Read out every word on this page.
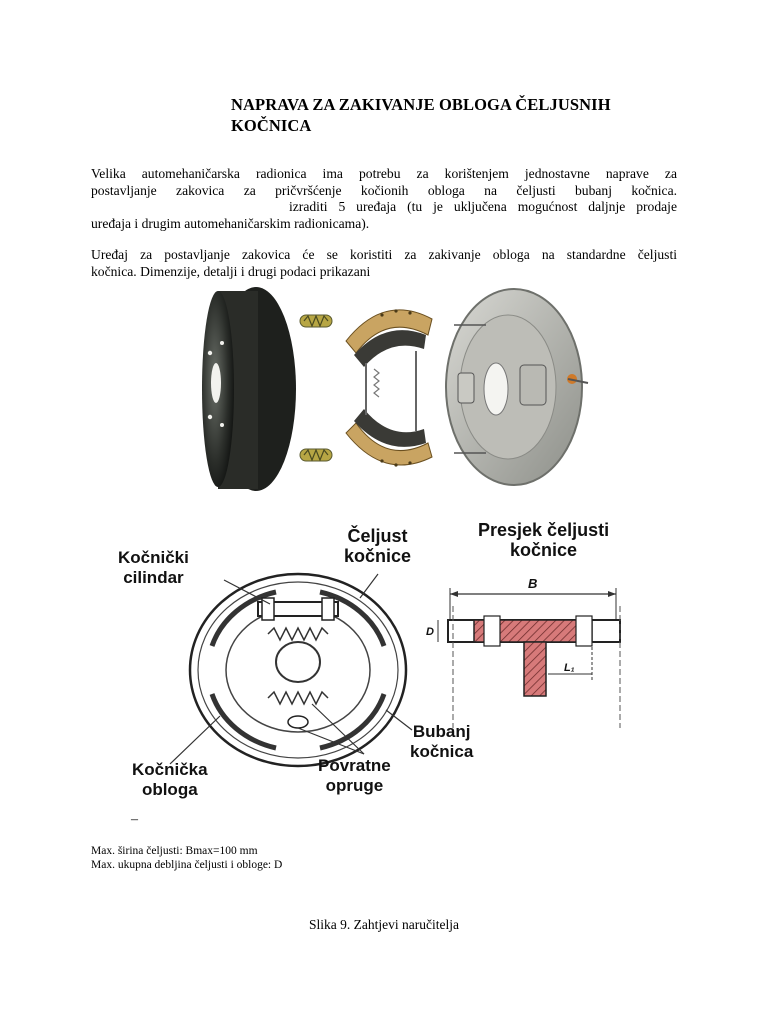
NAPRAVA ZA ZAKIVANJE OBLOGA ČELJUSNIH
KOČNICA
Velika automehaničarska radionica ima potrebu za korištenjem jednostavne naprave za
postavljanje zakovica za pričvršćenje kočionih obloga na čeljusti bubanj kočnica.
izraditi 5 uređaja (tu je uključena mogućnost daljnje prodaje
uređaja i drugim automehaničarskim radionicama).
Uređaj za postavljanje zakovica će se koristiti za zakivanje obloga na standardne čeljusti
kočnica. Dimenzije, detalji i drugi podaci prikazani
Kočnički
cilindar
Čeljust
kočnice
Presjek čeljusti
kočnice
Bubanj
kočnica
Povratne
opruge
Kočnička
obloga
B
D
L₁
–
Max. širina čeljusti: Bmax=100 mm
Max. ukupna debljina čeljusti i obloge: D
Slika 9. Zahtjevi naručitelja
